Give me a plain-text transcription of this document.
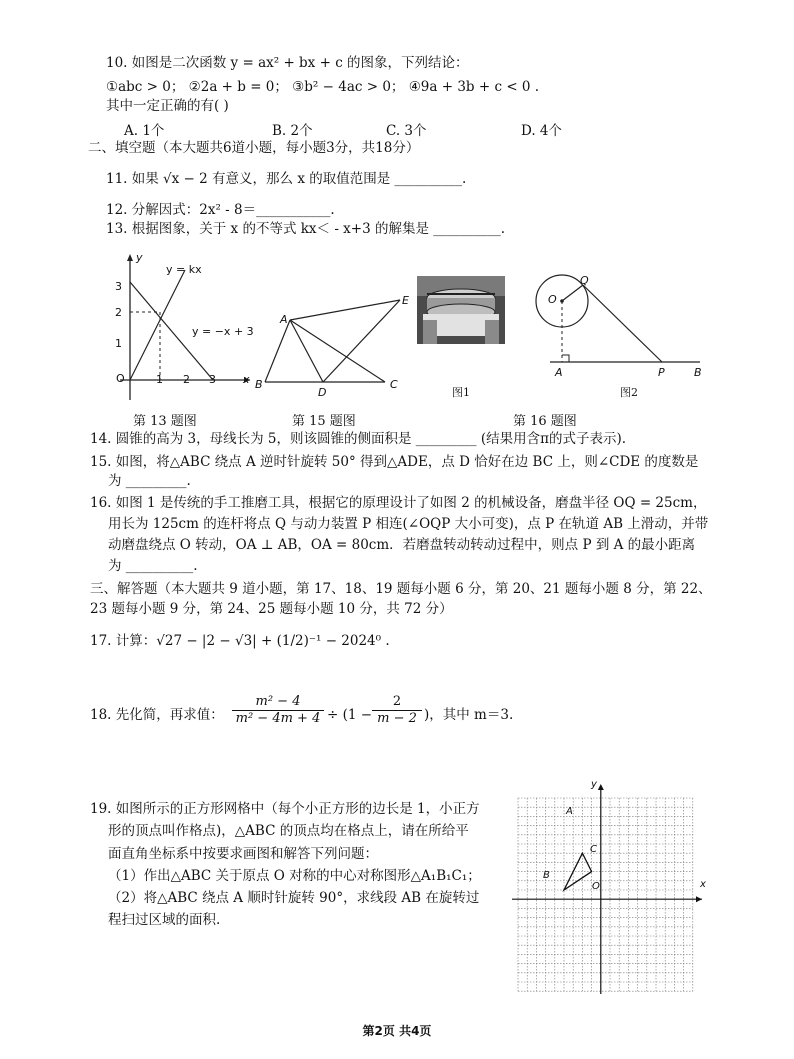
10. 如图是二次函数 y = ax² + bx + c 的图象，下列结论：
①abc > 0； ②2a + b = 0； ③b² − 4ac > 0； ④9a + 3b + c < 0 .
其中一定正确的有( )
A. 1个	B. 2个	C. 3个	D. 4个
二、填空题（本大题共6道小题，每小题3分，共18分）
11. 如果 √x − 2 有意义，那么 x 的取值范围是 __________.
12. 分解因式：2x² - 8＝___________.
13. 根据图象，关于 x 的不等式 kx＜ - x+3 的解集是 __________.
y = kx
y = −x + 3
O	x
y
1 2 3
1
2
3
A
B	C
D
E
图1
O
Q
A	P	B
图2
第 13 题图	第 15 题图	第 16 题图
14. 圆锥的高为 3，母线长为 5，则该圆锥的侧面积是 _________ (结果用含π的式子表示).
15. 如图，将△ABC 绕点 A 逆时针旋转 50° 得到△ADE，点 D 恰好在边 BC 上，则∠CDE 的度数是
为 _________.
16. 如图 1 是传统的手工推磨工具，根据它的原理设计了如图 2 的机械设备，磨盘半径 OQ = 25cm，
用长为 125cm 的连杆将点 Q 与动力装置 P 相连(∠OQP 大小可变)，点 P 在轨道 AB 上滑动，并带
动磨盘绕点 O 转动，OA ⊥ AB，OA = 80cm．若磨盘转动转动过程中，则点 P 到 A 的最小距离
为 __________.
三、解答题（本大题共 9 道小题，第 17、18、19 题每小题 6 分，第 20、21 题每小题 8 分，第 22、
23 题每小题 9 分，第 24、25 题每小题 10 分，共 72 分）
17. 计算：√27 − |2 − √3| + (1/2)⁻¹ − 2024⁰ .
18. 先化简，再求值：
m² − 4
m² − 4m + 4 ÷ (1 −
2
m − 2 )，其中 m＝3.
19. 如图所示的正方形网格中（每个小正方形的边长是 1，小正方
形的顶点叫作格点)，△ABC 的顶点均在格点上，请在所给平
面直角坐标系中按要求画图和解答下列问题：
（1）作出△ABC 关于原点 O 对称的中心对称图形△A₁B₁C₁；
（2）将△ABC 绕点 A 顺时针旋转 90°，求线段 AB 在旋转过
程扫过区域的面积.
A
B
C
O	x
y
第2页 共4页
